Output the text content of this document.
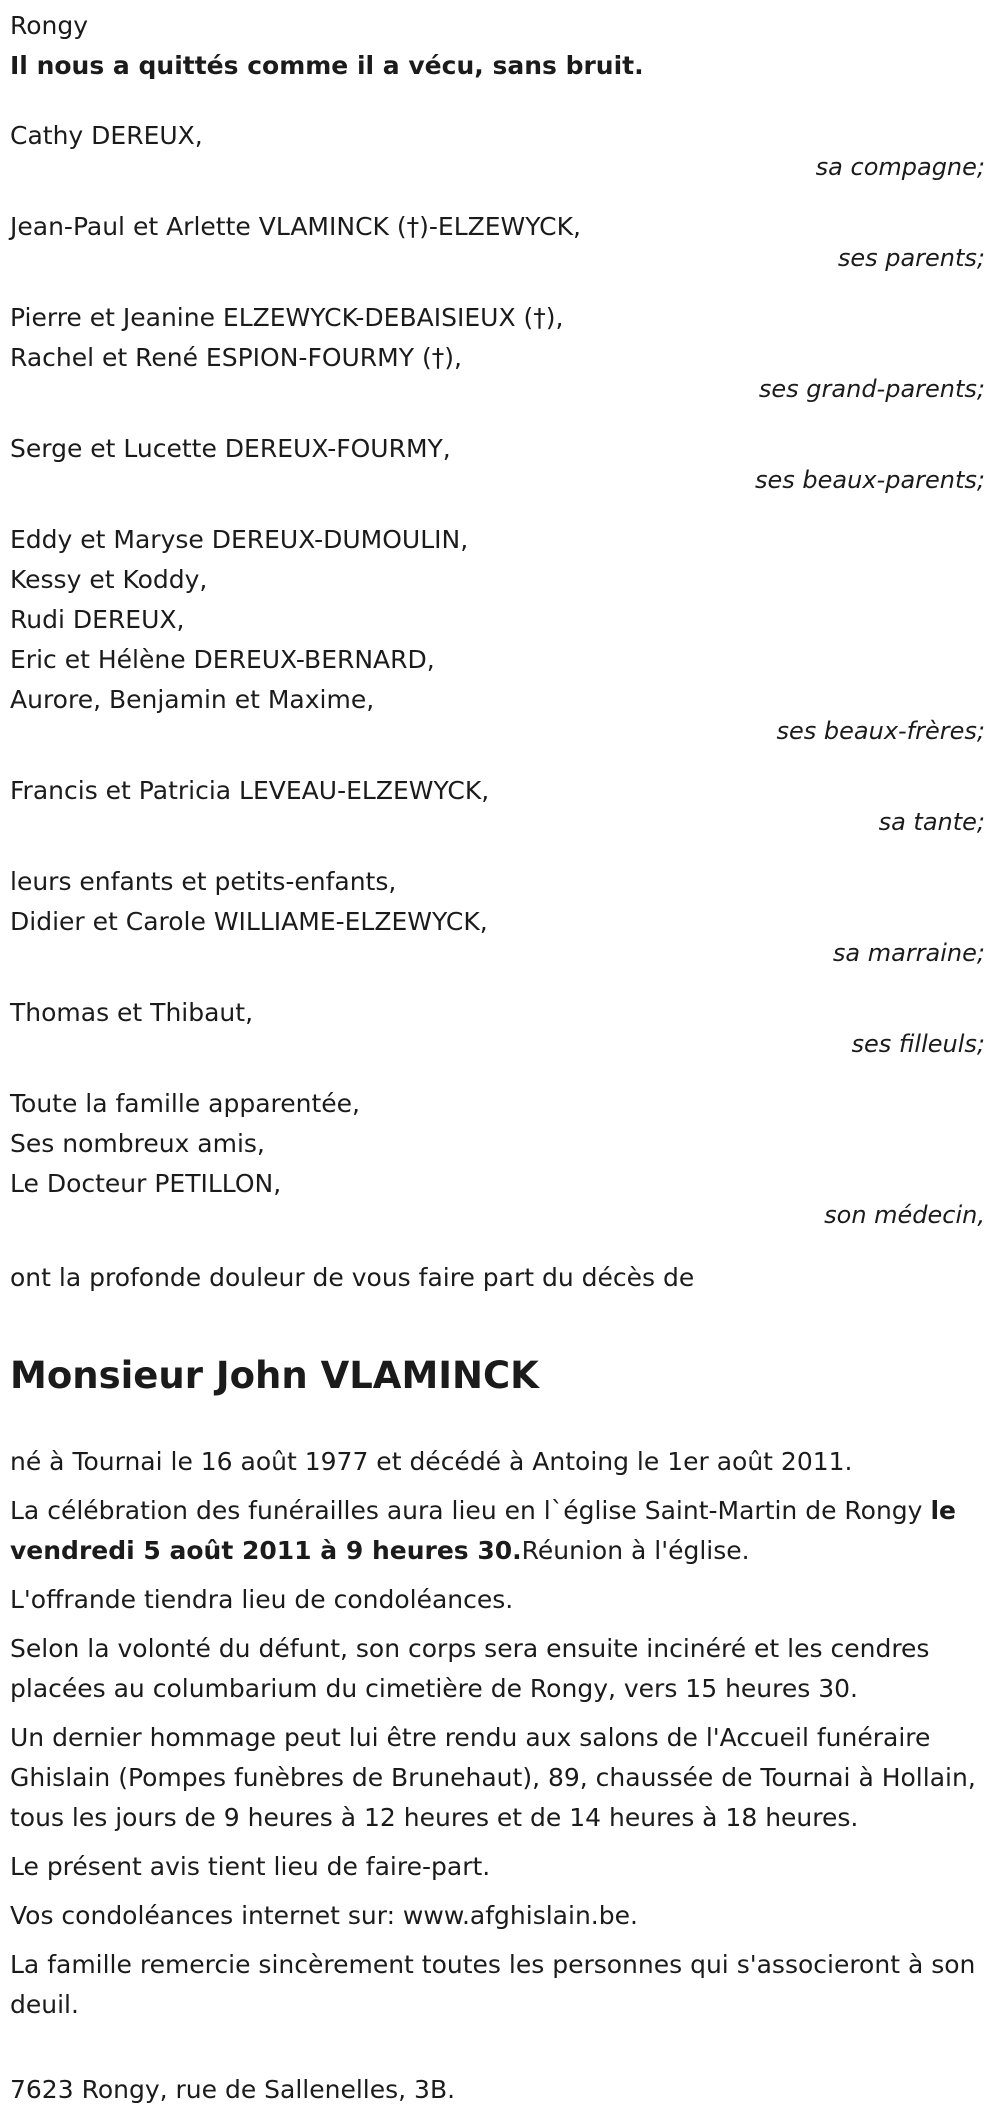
Rongy
Il nous a quittés comme il a vécu, sans bruit.
Cathy DEREUX,
sa compagne;
Jean-Paul et Arlette VLAMINCK (†)-ELZEWYCK,
ses parents;
Pierre et Jeanine ELZEWYCK-DEBAISIEUX (†),
Rachel et René ESPION-FOURMY (†),
ses grand-parents;
Serge et Lucette DEREUX-FOURMY,
ses beaux-parents;
Eddy et Maryse DEREUX-DUMOULIN,
Kessy et Koddy,
Rudi DEREUX,
Eric et Hélène DEREUX-BERNARD,
Aurore, Benjamin et Maxime,
ses beaux-frères;
Francis et Patricia LEVEAU-ELZEWYCK,
sa tante;
leurs enfants et petits-enfants,
Didier et Carole WILLIAME-ELZEWYCK,
sa marraine;
Thomas et Thibaut,
ses filleuls;
Toute la famille apparentée,
Ses nombreux amis,
Le Docteur PETILLON,
son médecin,
ont la profonde douleur de vous faire part du décès de
Monsieur John VLAMINCK
né à Tournai le 16 août 1977 et décédé à Antoing le 1er août 2011.
La célébration des funérailles aura lieu en l`église Saint-Martin de Rongy le vendredi 5 août 2011 à 9 heures 30.Réunion à l'église.
L'offrande tiendra lieu de condoléances.
Selon la volonté du défunt, son corps sera ensuite incinéré et les cendres placées au columbarium du cimetière de Rongy, vers 15 heures 30.
Un dernier hommage peut lui être rendu aux salons de l'Accueil funéraire Ghislain (Pompes funèbres de Brunehaut), 89, chaussée de Tournai à Hollain, tous les jours de 9 heures à 12 heures et de 14 heures à 18 heures.
Le présent avis tient lieu de faire-part.
Vos condoléances internet sur: www.afghislain.be.
La famille remercie sincèrement toutes les personnes qui s'associeront à son deuil.
7623 Rongy, rue de Sallenelles, 3B.
